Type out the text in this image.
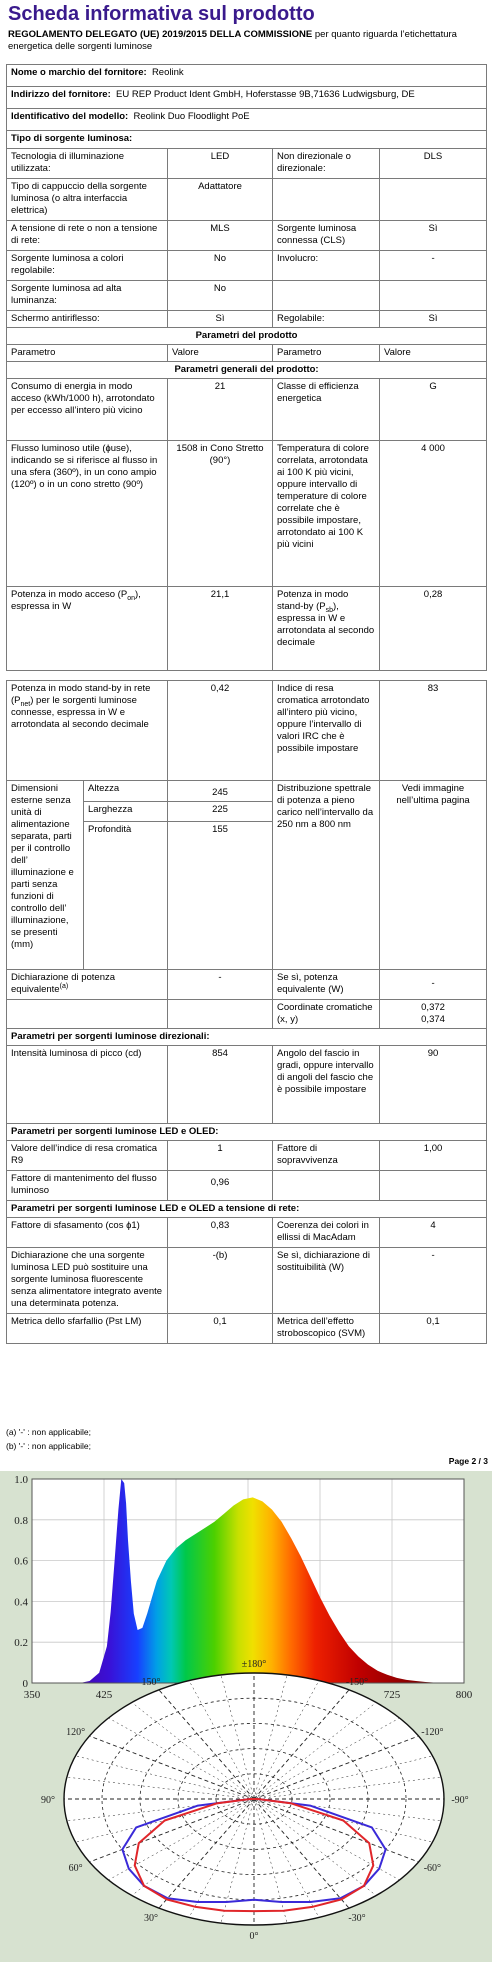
Scheda informativa sul prodotto
REGOLAMENTO DELEGATO (UE) 2019/2015 DELLA COMMISSIONE per quanto riguarda l’etichettatura energetica delle sorgenti luminose
Nome o marchio del fornitore: Reolink				
Indirizzo del fornitore: EU REP Product Ident GmbH, Hoferstasse 9B,71636 Ludwigsburg, DE				
Identificativo del modello: Reolink Duo Floodlight PoE				
Tipo di sorgente luminosa:				
Tecnologia di illuminazione utilizzata:		LED	Non direzionale o direzionale:	DLS
Tipo di cappuccio della sorgente luminosa (o altra interfaccia elettrica)		Adattatore		
A tensione di rete o non a tensione di rete:		MLS	Sorgente luminosa connessa (CLS)	Sì
Sorgente luminosa a colori regolabile:		No	Involucro:	-
Sorgente luminosa ad alta luminanza:		No		
Schermo antiriflesso:		Sì	Regolabile:	Sì
Parametri del prodotto				
Parametro		Valore	Parametro	Valore
Parametri generali del prodotto:				
Consumo di energia in modo acceso (kWh/1000 h), arrotondato per eccesso all’intero più vicino		21	Classe di efficienza energetica	G
Flusso luminoso utile (ɸuse), indicando se si riferisce al flusso in una sfera (360º), in un cono ampio (120º) o in un cono stretto (90º)		1508 in Cono Stretto (90°)	Temperatura di colore correlata, arrotondata ai 100 K più vicini, oppure intervallo di temperature di colore correlate che è possibile impostare, arrotondato ai 100 K più vicini	4 000
Potenza in modo acceso $(P_{on})$, espressa in W		21,1	Potenza in modo stand-by $(P_{sb})$, espressa in W e arrotondata al secondo decimale	0,28

Potenza in modo stand-by in rete $(P_{net})$ per le sorgenti luminose connesse, espressa in W e arrotondata al secondo decimale		0,42	Indice di resa cromatica arrotondato all’intero più vicino, oppure l’intervallo di valori IRC che è possibile impostare	83
Dimensioni esterne senza unità di alimentazione separata, parti per il controllo dell’ illuminazione e parti senza funzioni di controllo dell’ illuminazione, se presenti (mm)	Altezza	245	Distribuzione spettrale di potenza a pieno carico nell’intervallo da 250 nm a 800 nm	Vedi immagine nell’ultima pagina
	Larghezza	225		
	Profondità	155		
Dichiarazione di potenza equivalente$^{(a)}$		-	Se sì, potenza equivalente (W)	-
			Coordinate cromatiche (x, y)	0,372
0,374

Parametri per sorgenti luminose direzionali:				
Intensità luminosa di picco (cd)		854	Angolo del fascio in gradi, oppure intervallo di angoli del fascio che è possibile impostare	90
Parametri per sorgenti luminose LED e OLED:				
Valore dell’indice di resa cromatica R9		1	Fattore di sopravvivenza	1,00
Fattore di mantenimento del flusso luminoso		0,96		
Parametri per sorgenti luminose LED e OLED a tensione di rete:				
Fattore di sfasamento (cos ɸ1)		0,83	Coerenza dei colori in ellissi di MacAdam	4
Dichiarazione che una sorgente luminosa LED può sostituire una sorgente luminosa fluorescente senza alimentatore integrato avente una determinata potenza.		-(b)	Se sì, dichiarazione di sostituibilità (W)	-
Metrica dello sfarfallio (Pst LM)		0,1	Metrica dell’effetto stroboscopico (SVM)	0,1
(a) '-' : non applicabile;
(b) '-' : non applicabile;
Page 2 / 3
350	425	725	800
0
0.2
0.4
0.6
0.8
1.0
±180°
150°
120°
90°
60°
30°
0°
-30°
-60°
-90°
-120°
-150°
